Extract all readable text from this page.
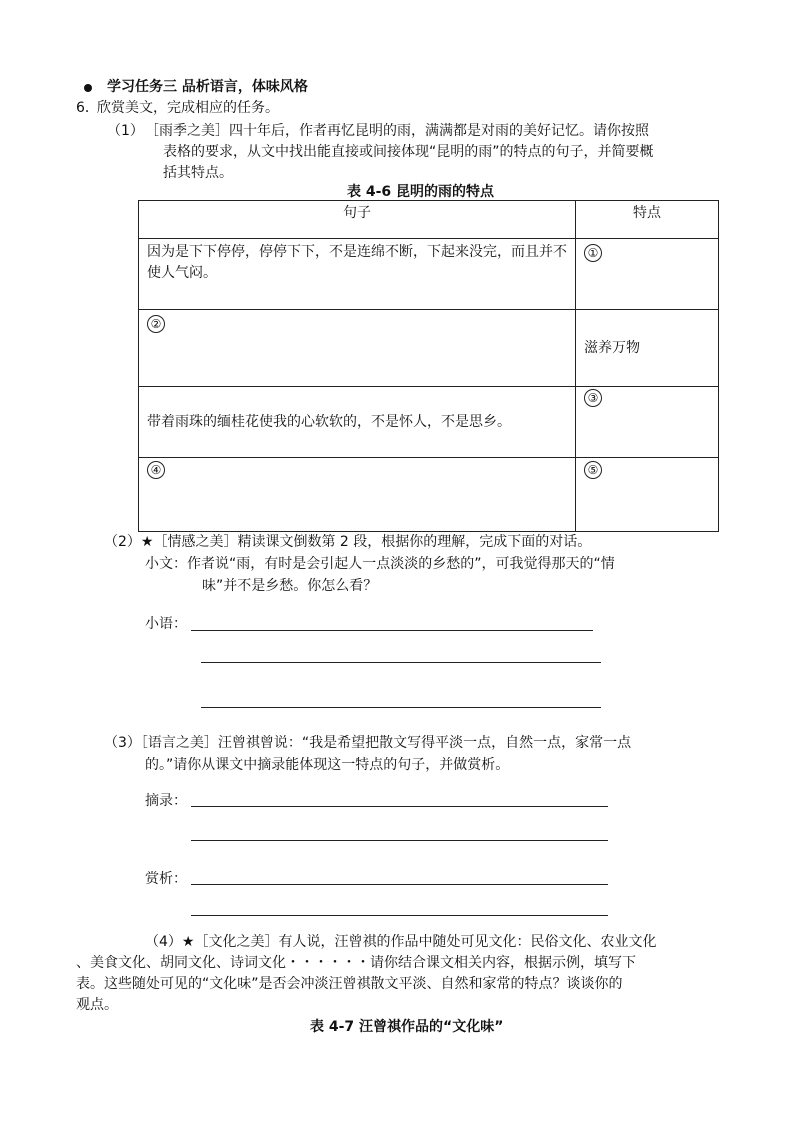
学习任务三 品析语言，体味风格
6．
欣赏美文，完成相应的任务。
（1） ［雨季之美］四十年后，作者再忆昆明的雨，满满都是对雨的美好记忆。请你按照
表格的要求，从文中找出能直接或间接体现“昆明的雨”的特点的句子，并简要概
括其特点。
表 4-6 昆明的雨的特点
句子	特点
因为是下下停停，停停下下，不是连绵不断，下起来没完，而且并不使人气闷。	①
②	滋养万物
带着雨珠的缅桂花使我的心软软的，不是怀人，不是思乡。	③
④	⑤
（2）★［情感之美］精读课文倒数第 2 段，根据你的理解，完成下面的对话。
小文：作者说“雨，有时是会引起人一点淡淡的乡愁的”，可我觉得那天的“情
味”并不是乡愁。你怎么看？
小语：
（3）［语言之美］汪曾祺曾说：“我是希望把散文写得平淡一点，自然一点，家常一点
的。”请你从课文中摘录能体现这一特点的句子，并做赏析。
摘录：
赏析：
（4）★［文化之美］有人说，汪曾祺的作品中随处可见文化：民俗文化、农业文化
、美食文化、胡同文化、诗词文化・・・・・・请你结合课文相关内容，根据示例，填写下
表。这些随处可见的“文化味”是否会冲淡汪曾祺散文平淡、自然和家常的特点？谈谈你的
观点。
表 4-7 汪曾祺作品的“文化味”
